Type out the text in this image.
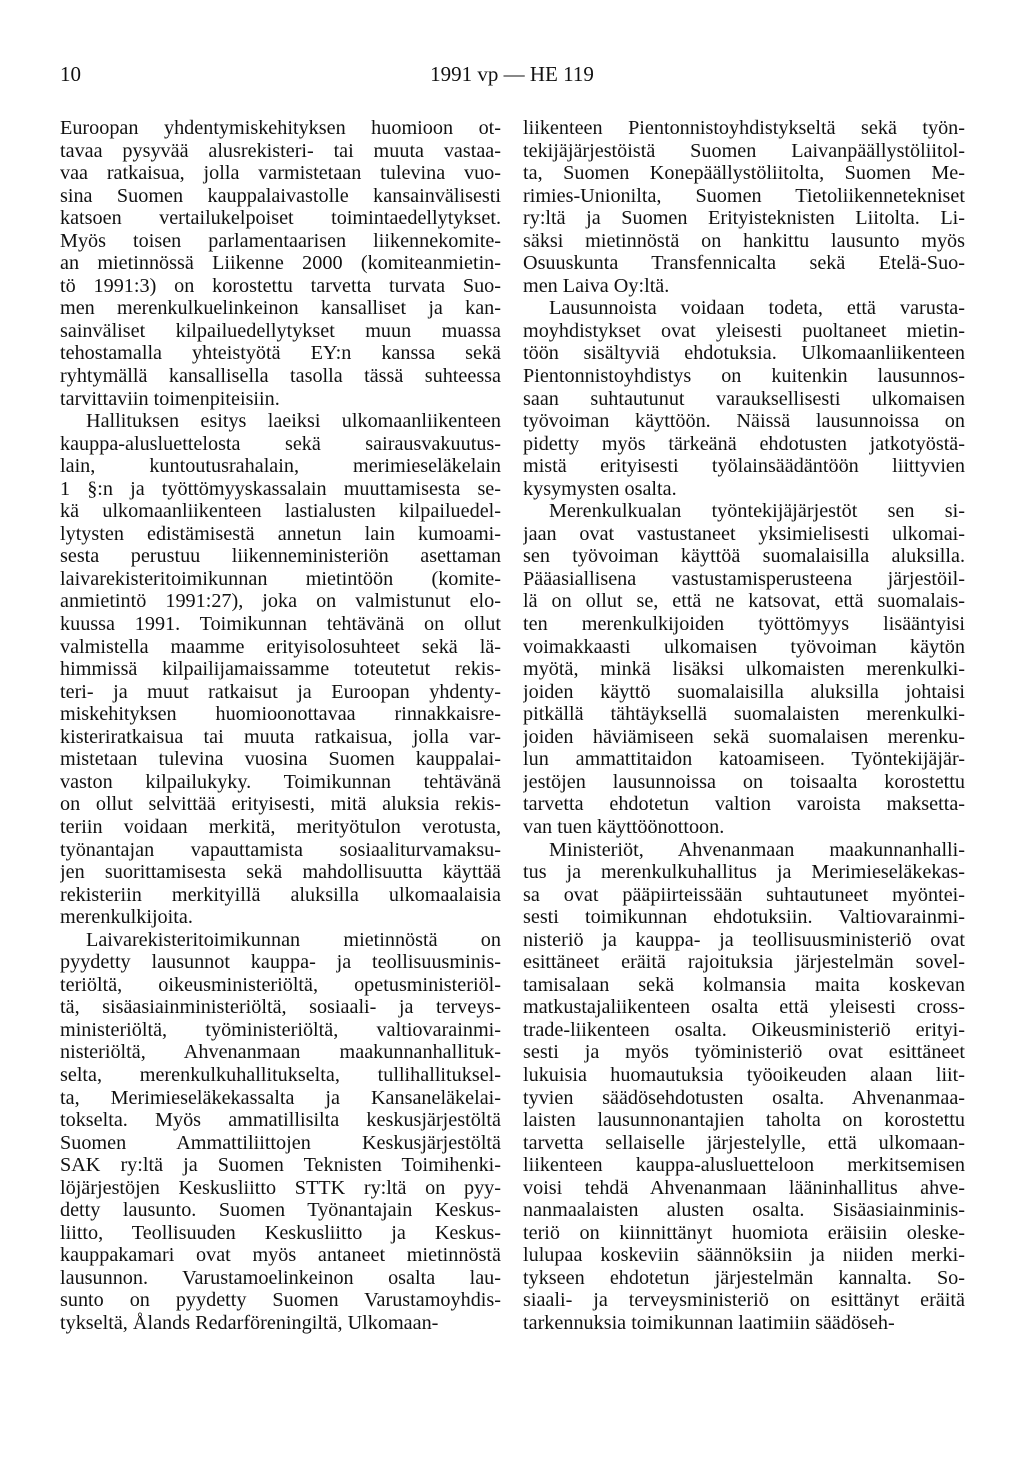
10	1991 vp — HE 119
Euroopan yhdentymiskehityksen huomioon ot-
tavaa pysyvää alusrekisteri- tai muuta vastaa-
vaa ratkaisua, jolla varmistetaan tulevina vuo-
sina Suomen kauppalaivastolle kansainvälisesti
katsoen vertailukelpoiset toimintaedellytykset.
Myös toisen parlamentaarisen liikennekomite-
an mietinnössä Liikenne 2000 (komiteanmietin-
tö 1991:3) on korostettu tarvetta turvata Suo-
men merenkulkuelinkeinon kansalliset ja kan-
sainväliset kilpailuedellytykset muun muassa
tehostamalla yhteistyötä EY:n kanssa sekä
ryhtymällä kansallisella tasolla tässä suhteessa
tarvittaviin toimenpiteisiin.
Hallituksen esitys laeiksi ulkomaanliikenteen
kauppa-alusluettelosta sekä sairausvakuutus-
lain, kuntoutusrahalain, merimieseläkelain
1 §:n ja työttömyyskassalain muuttamisesta se-
kä ulkomaanliikenteen lastialusten kilpailuedel-
lytysten edistämisestä annetun lain kumoami-
sesta perustuu liikenneministeriön asettaman
laivarekisteritoimikunnan mietintöön (komite-
anmietintö 1991:27), joka on valmistunut elo-
kuussa 1991. Toimikunnan tehtävänä on ollut
valmistella maamme erityisolosuhteet sekä lä-
himmissä kilpailijamaissamme toteutetut rekis-
teri- ja muut ratkaisut ja Euroopan yhdenty-
miskehityksen huomioonottavaa rinnakkaisre-
kisteriratkaisua tai muuta ratkaisua, jolla var-
mistetaan tulevina vuosina Suomen kauppalai-
vaston kilpailukyky. Toimikunnan tehtävänä
on ollut selvittää erityisesti, mitä aluksia rekis-
teriin voidaan merkitä, merityötulon verotusta,
työnantajan vapauttamista sosiaaliturvamaksu-
jen suorittamisesta sekä mahdollisuutta käyttää
rekisteriin merkityillä aluksilla ulkomaalaisia
merenkulkijoita.
Laivarekisteritoimikunnan mietinnöstä on
pyydetty lausunnot kauppa- ja teollisuusminis-
teriöltä, oikeusministeriöltä, opetusministeriöl-
tä, sisäasiainministeriöltä, sosiaali- ja terveys-
ministeriöltä, työministeriöltä, valtiovarainmi-
nisteriöltä, Ahvenanmaan maakunnanhallituk-
selta, merenkulkuhallitukselta, tullihallituksel-
ta, Merimieseläkekassalta ja Kansaneläkelai-
tokselta. Myös ammatillisilta keskusjärjestöltä
Suomen Ammattiliittojen Keskusjärjestöltä
SAK ry:ltä ja Suomen Teknisten Toimihenki-
löjärjestöjen Keskusliitto STTK ry:ltä on pyy-
detty lausunto. Suomen Työnantajain Keskus-
liitto, Teollisuuden Keskusliitto ja Keskus-
kauppakamari ovat myös antaneet mietinnöstä
lausunnon. Varustamoelinkeinon osalta lau-
sunto on pyydetty Suomen Varustamoyhdis-
tykseltä, Ålands Redarföreningiltä, Ulkomaan-
liikenteen Pientonnistoyhdistykseltä sekä työn-
tekijäjärjestöistä Suomen Laivanpäällystöliitol-
ta, Suomen Konepäällystöliitolta, Suomen Me-
rimies-Unionilta, Suomen Tietoliikennetekniset
ry:ltä ja Suomen Erityisteknisten Liitolta. Li-
säksi mietinnöstä on hankittu lausunto myös
Osuuskunta Transfennicalta sekä Etelä-Suo-
men Laiva Oy:ltä.
Lausunnoista voidaan todeta, että varusta-
moyhdistykset ovat yleisesti puoltaneet mietin-
töön sisältyviä ehdotuksia. Ulkomaanliikenteen
Pientonnistoyhdistys on kuitenkin lausunnos-
saan suhtautunut varauksellisesti ulkomaisen
työvoiman käyttöön. Näissä lausunnoissa on
pidetty myös tärkeänä ehdotusten jatkotyöstä-
mistä erityisesti työlainsäädäntöön liittyvien
kysymysten osalta.
Merenkulkualan työntekijäjärjestöt sen si-
jaan ovat vastustaneet yksimielisesti ulkomai-
sen työvoiman käyttöä suomalaisilla aluksilla.
Pääasiallisena vastustamisperusteena järjestöil-
lä on ollut se, että ne katsovat, että suomalais-
ten merenkulkijoiden työttömyys lisääntyisi
voimakkaasti ulkomaisen työvoiman käytön
myötä, minkä lisäksi ulkomaisten merenkulki-
joiden käyttö suomalaisilla aluksilla johtaisi
pitkällä tähtäyksellä suomalaisten merenkulki-
joiden häviämiseen sekä suomalaisen merenku-
lun ammattitaidon katoamiseen. Työntekijäjär-
jestöjen lausunnoissa on toisaalta korostettu
tarvetta ehdotetun valtion varoista maksetta-
van tuen käyttöönottoon.
Ministeriöt, Ahvenanmaan maakunnanhalli-
tus ja merenkulkuhallitus ja Merimieseläkekas-
sa ovat pääpiirteissään suhtautuneet myöntei-
sesti toimikunnan ehdotuksiin. Valtiovarainmi-
nisteriö ja kauppa- ja teollisuusministeriö ovat
esittäneet eräitä rajoituksia järjestelmän sovel-
tamisalaan sekä kolmansia maita koskevan
matkustajaliikenteen osalta että yleisesti cross-
trade-liikenteen osalta. Oikeusministeriö erityi-
sesti ja myös työministeriö ovat esittäneet
lukuisia huomautuksia työoikeuden alaan liit-
tyvien säädösehdotusten osalta. Ahvenanmaa-
laisten lausunnonantajien taholta on korostettu
tarvetta sellaiselle järjestelylle, että ulkomaan-
liikenteen kauppa-alusluetteloon merkitsemisen
voisi tehdä Ahvenanmaan lääninhallitus ahve-
nanmaalaisten alusten osalta. Sisäasiainminis-
teriö on kiinnittänyt huomiota eräisiin oleske-
lulupaa koskeviin säännöksiin ja niiden merki-
tykseen ehdotetun järjestelmän kannalta. So-
siaali- ja terveysministeriö on esittänyt eräitä
tarkennuksia toimikunnan laatimiin säädöseh-
